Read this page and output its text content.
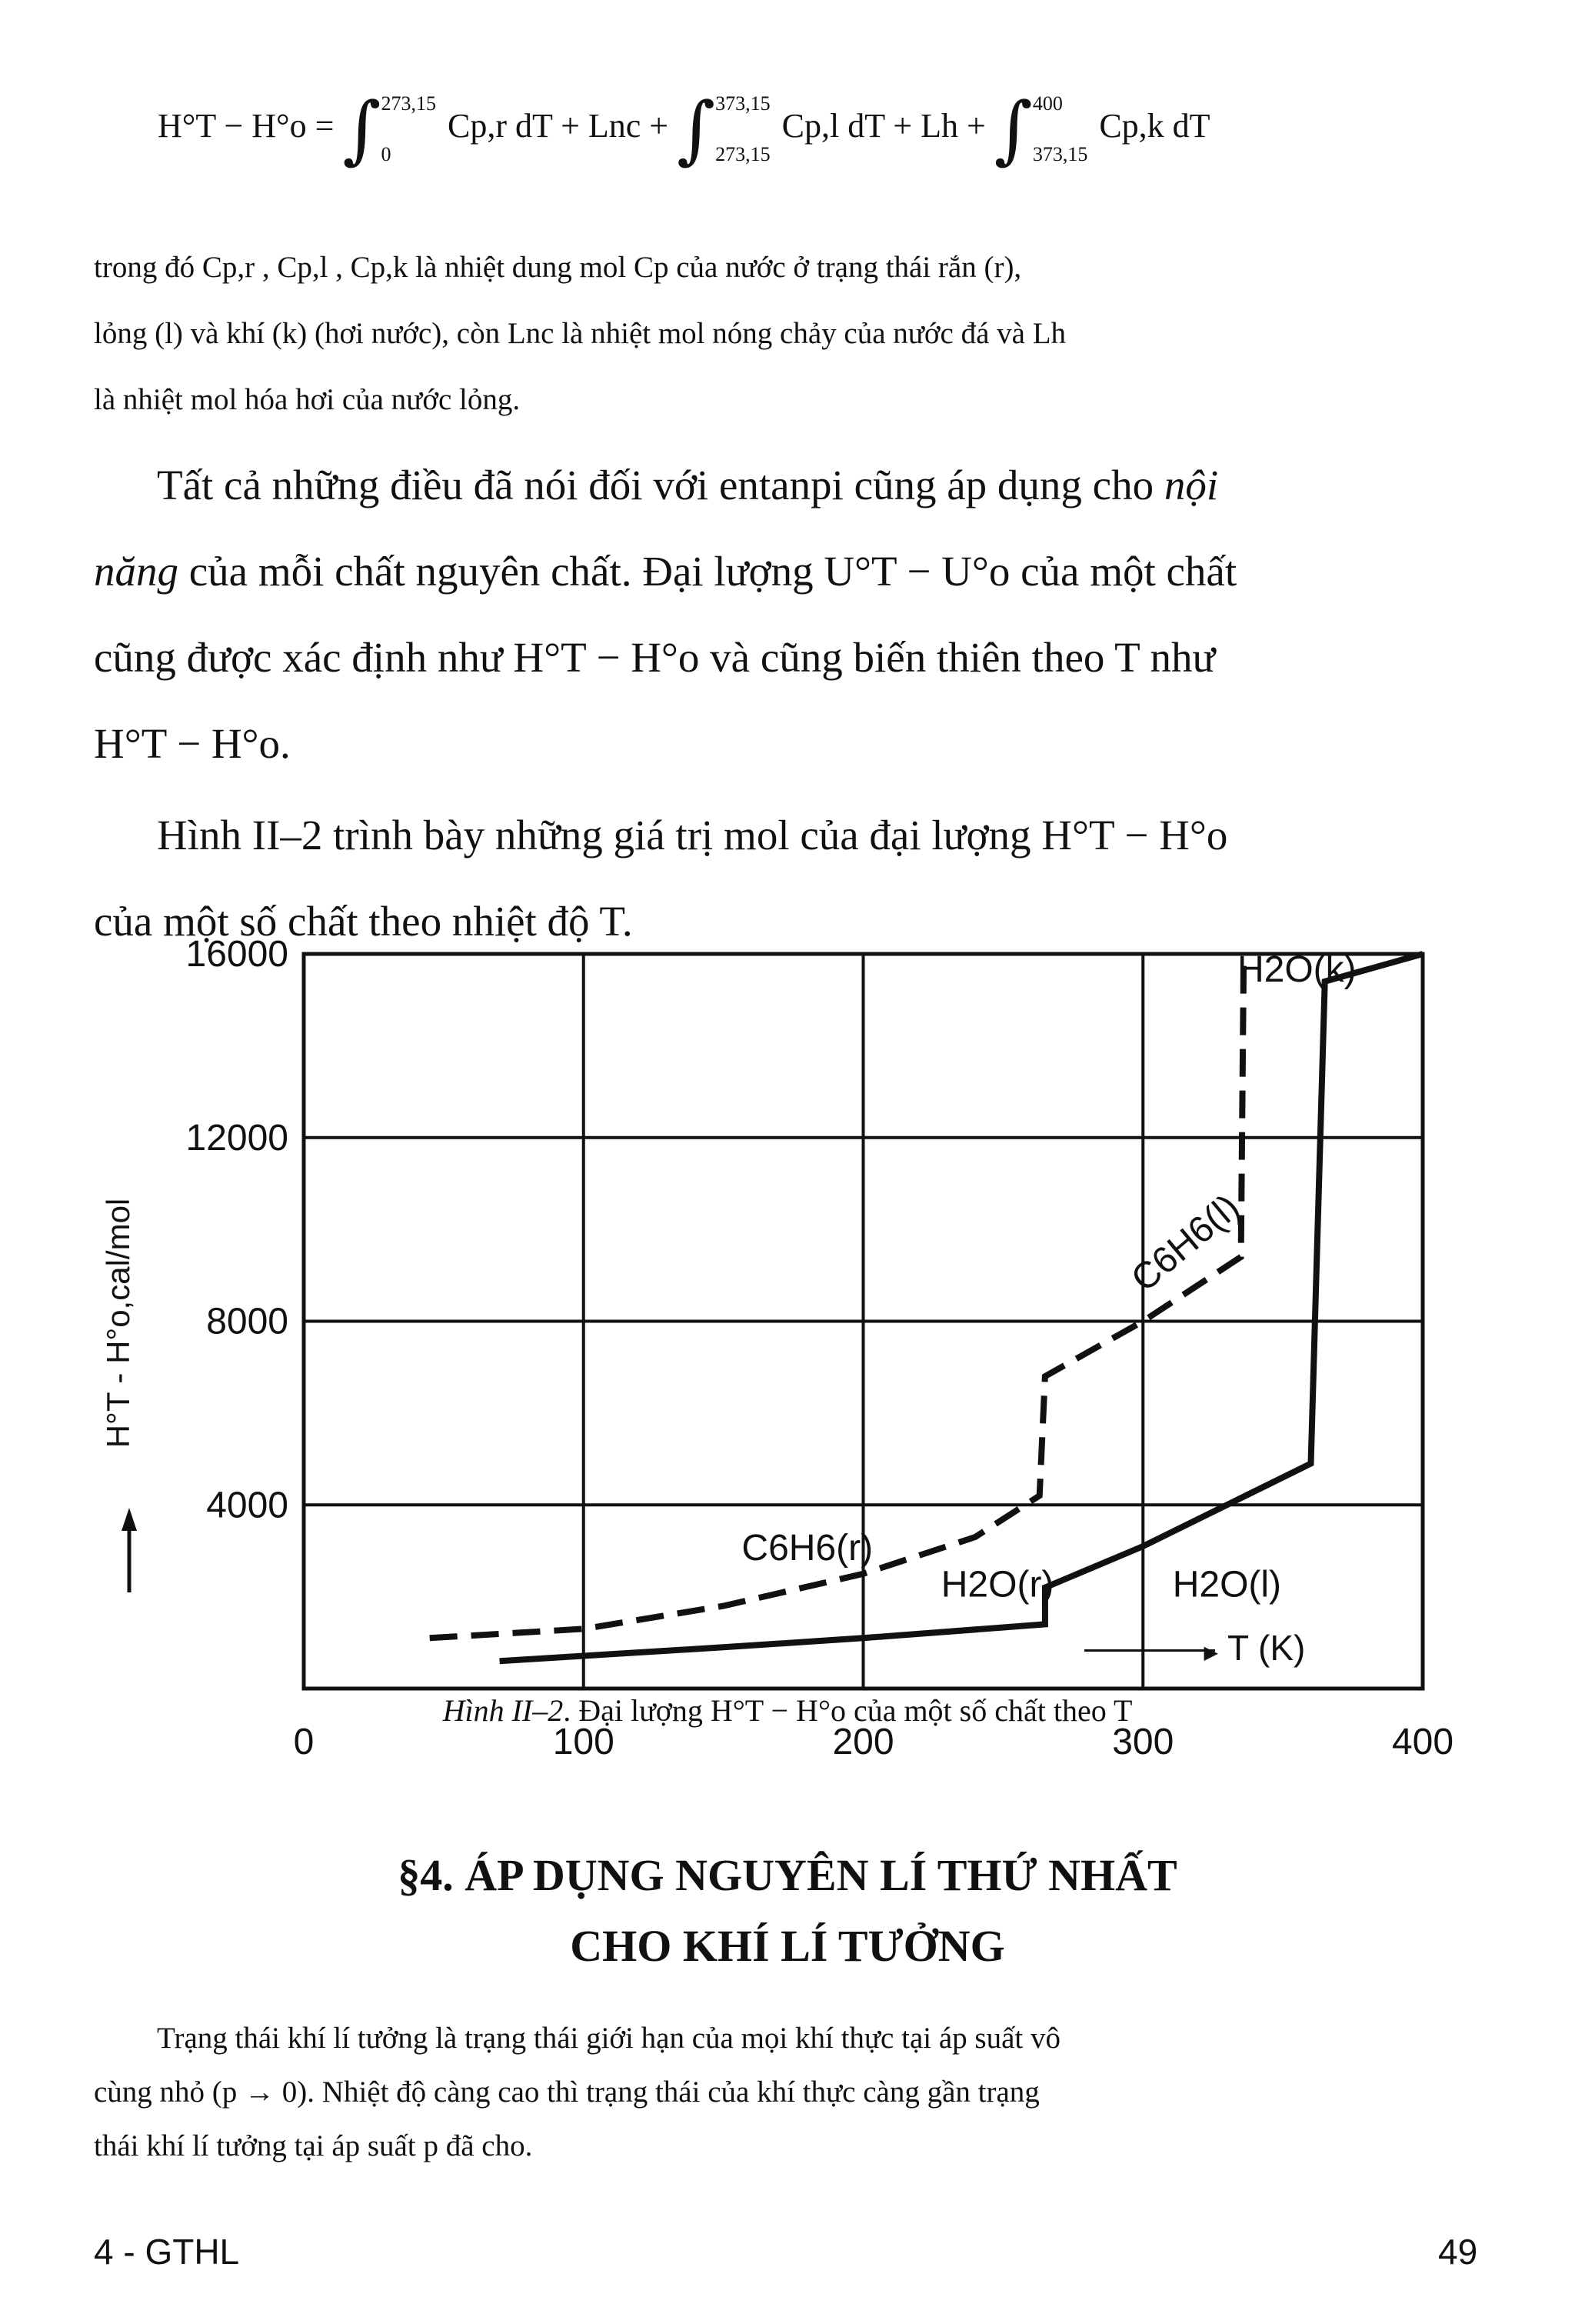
H°T − H°o = ∫ 273,15
0
Cp,r dT + Lnc + ∫ 373,15
273,15
Cp,l dT + Lh + ∫ 400
373,15
Cp,k dT
trong đó Cp,r , Cp,l , Cp,k là nhiệt dung mol Cp của nước ở trạng thái rắn (r),
lỏng (l) và khí (k) (hơi nước), còn Lnc là nhiệt mol nóng chảy của nước đá và Lh
là nhiệt mol hóa hơi của nước lỏng.
Tất cả những điều đã nói đối với entanpi cũng áp dụng cho nội
năng của mỗi chất nguyên chất. Đại lượng U°T − U°o của một chất
cũng được xác định như H°T − H°o và cũng biến thiên theo T như
H°T − H°o.
Hình II–2 trình bày những giá trị mol của đại lượng H°T − H°o
của một số chất theo nhiệt độ T.
0	100	200	300	400
4000
8000
12000
16000
C6H6(r)
H2O(r)	H2O(l)
C6H6(l)
H2O(k)
H°T - H°o,cal/mol
▶ T (K)
Hình II–2. Đại lượng H°T − H°o của một số chất theo T
§4. ÁP DỤNG NGUYÊN LÍ THỨ NHẤT
CHO KHÍ LÍ TƯỞNG
Trạng thái khí lí tưởng là trạng thái giới hạn của mọi khí thực tại áp suất vô
cùng nhỏ (p → 0). Nhiệt độ càng cao thì trạng thái của khí thực càng gần trạng
thái khí lí tưởng tại áp suất p đã cho.
4 - GTHL	49
